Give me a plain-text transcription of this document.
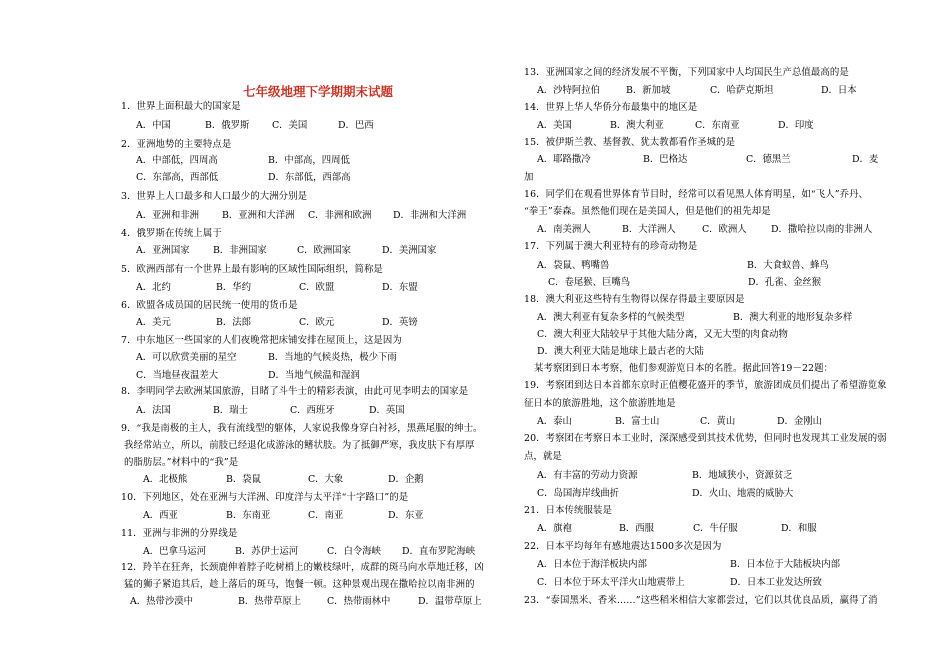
七年级地理下学期期末试题
1．世界上面积最大的国家是
A．中国	B．俄罗斯 C．美国	D．巴西
2．亚洲地势的主要特点是
A．中部低，四周高	B．中部高，四周低
C．东部高，西部低	D．东部低，西部高
3．世界上人口最多和人口最少的大洲分别是
A．亚洲和非洲 B．亚洲和大洋洲 C．非洲和欧洲 D．非洲和大洋洲
4．俄罗斯在传统上属于
A．亚洲国家 B．非洲国家	C．欧洲国家	D．美洲国家
5．欧洲西部有一个世界上最有影响的区域性国际组织，简称是
A．北约	B．华约	C．欧盟	D．东盟
6．欧盟各成员国的居民统一使用的货币是
A．美元	B．法郎	C．欧元	D．英镑
7．中东地区一些国家的人们夜晚常把床铺安排在屋顶上，这是因为
A．可以欣赏美丽的星空	B．当地的气候炎热，极少下雨
C．当地昼夜温差大	D．当地气候温和湿润
8．李明同学去欧洲某国旅游，目睹了斗牛士的精彩表演，由此可见李明去的国家是
A．法国	B．瑞士	C．西班牙	D．英国
9．“我是南极的主人，我有流线型的躯体，人家说我像身穿白衬衫，黑燕尾服的绅士。
我经常站立，所以，前肢已经退化成游泳的鳍状肢。为了抵御严寒，我皮肤下有厚厚
的脂肪层。”材料中的“我”是
A．北极熊	B．袋鼠	C．大象	D．企鹅
10．下列地区，处在亚洲与大洋洲、印度洋与太平洋“十字路口”的是
A．西亚	B．东南亚	C．南亚	D．东亚
11．亚洲与非洲的分界线是
A．巴拿马运河	B．苏伊士运河	C．白令海峡 D．直布罗陀海峡
12．羚羊在狂奔，长颈鹿伸着脖子吃树梢上的嫩枝绿叶，成群的斑马向水草地迁移，凶
猛的狮子紧追其后，趁上落后的斑马，饱餐一顿。这种景观出现在撒哈拉以南非洲的
A．热带沙漠中	B．热带草原上	C．热带雨林中	D．温带草原上
13．亚洲国家之间的经济发展不平衡，下列国家中人均国民生产总值最高的是
A．沙特阿拉伯	B．新加坡	C．哈萨克斯坦	D．日本
14．世界上华人华侨分布最集中的地区是
A．美国	B．澳大利亚	C．东南亚	D．印度
15．被伊斯兰教、基督教、犹太教都看作圣城的是
A．耶路撒冷	B．巴格达	C．德黑兰	D．麦
加
16．同学们在观看世界体育节目时，经常可以看见黑人体育明星，如“飞人”乔丹、
“拳王”泰森。虽然他们现在是美国人，但是他们的祖先却是
A．南美洲人	B．大洋洲人	C．欧洲人	D．撒哈拉以南的非洲人
17．下列属于澳大利亚特有的珍奇动物是
A．袋鼠、鸭嘴兽	B．大食蚁兽、蜂鸟
C．卷尾猴、巨嘴鸟	D．孔雀、金丝猴
18．澳大利亚这些特有生物得以保存得最主要原因是
A．澳大利亚有复杂多样的气候类型	B．澳大利亚的地形复杂多样
C．澳大利亚大陆较早于其他大陆分离，又无大型的肉食动物
D．澳大利亚大陆是地球上最古老的大陆
某考察团到日本考察，他们参观游览日本的名胜。据此回答19－22题：
19．考察团到达日本首都东京时正值樱花盛开的季节，旅游团成员们提出了希望游览象
征日本的旅游胜地，这个旅游胜地是
A．泰山	B．富士山	C．黄山	D．金刚山
20．考察团在考察日本工业时，深深感受到其技术优势，但同时也发现其工业发展的弱
点，就是
A．有丰富的劳动力资源	B．地域狭小，资源贫乏
C．岛国海岸线曲折	D．火山、地震的威胁大
21．日本传统服装是
A．旗袍	B．西服	C．牛仔服	D．和服
22．日本平均每年有感地震达1500多次是因为
A．日本位于海洋板块内部	B．日本位于大陆板块内部
C．日本位于环太平洋火山地震带上	D．日本工业发达所致
23．“泰国黑米、香米……”这些稻米相信大家都尝过，它们以其优良品质，赢得了消
